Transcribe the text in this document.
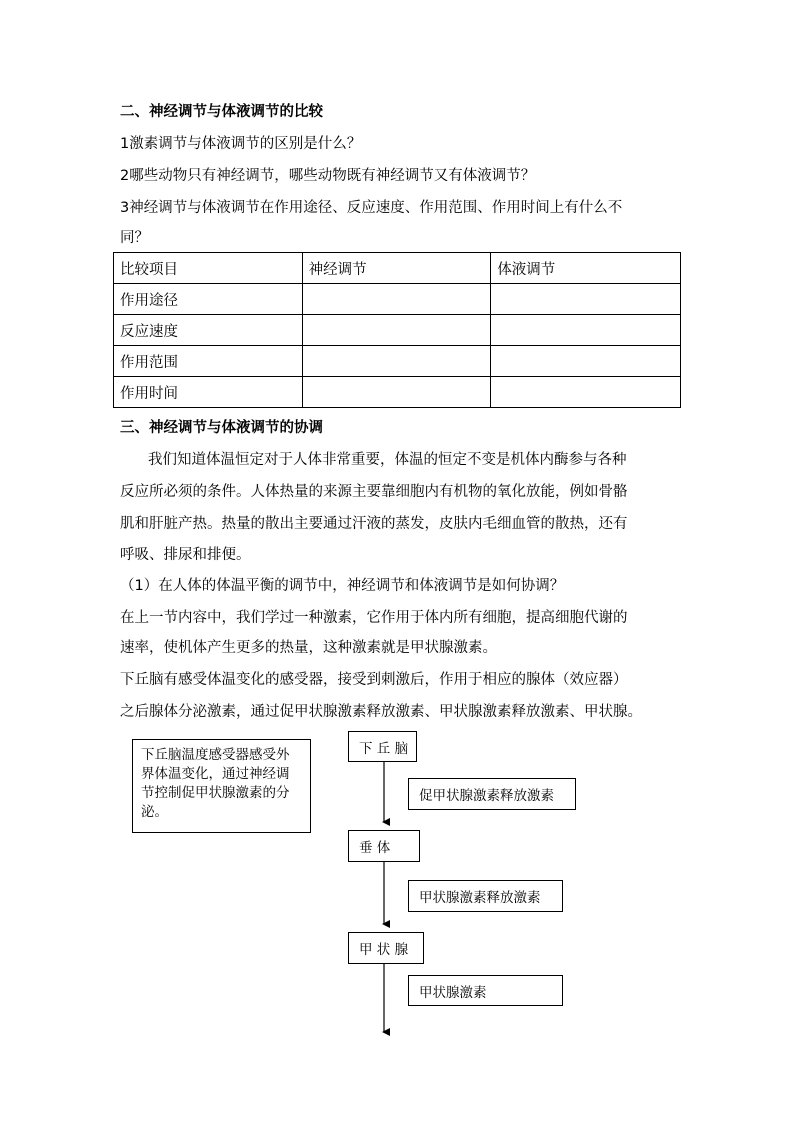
二、神经调节与体液调节的比较
1激素调节与体液调节的区别是什么？
2哪些动物只有神经调节，哪些动物既有神经调节又有体液调节？
3神经调节与体液调节在作用途径、反应速度、作用范围、作用时间上有什么不
同？
比较项目	神经调节	体液调节
作用途径		
反应速度		
作用范围		
作用时间		
三、神经调节与体液调节的协调
我们知道体温恒定对于人体非常重要，体温的恒定不变是机体内酶参与各种
反应所必须的条件。人体热量的来源主要靠细胞内有机物的氧化放能，例如骨骼
肌和肝脏产热。热量的散出主要通过汗液的蒸发，皮肤内毛细血管的散热，还有
呼吸、排尿和排便。
（1）在人体的体温平衡的调节中，神经调节和体液调节是如何协调？
在上一节内容中，我们学过一种激素，它作用于体内所有细胞，提高细胞代谢的
速率，使机体产生更多的热量，这种激素就是甲状腺激素。
下丘脑有感受体温变化的感受器，接受到刺激后，作用于相应的腺体（效应器）
之后腺体分泌激素，通过促甲状腺激素释放激素、甲状腺激素释放激素、甲状腺。
下丘脑温度感受器感受外界体温变化，通过神经调节控制促甲状腺激素的分泌。
下 丘 脑
垂 体
甲 状 腺
促甲状腺激素释放激素
甲状腺激素释放激素
甲状腺激素
